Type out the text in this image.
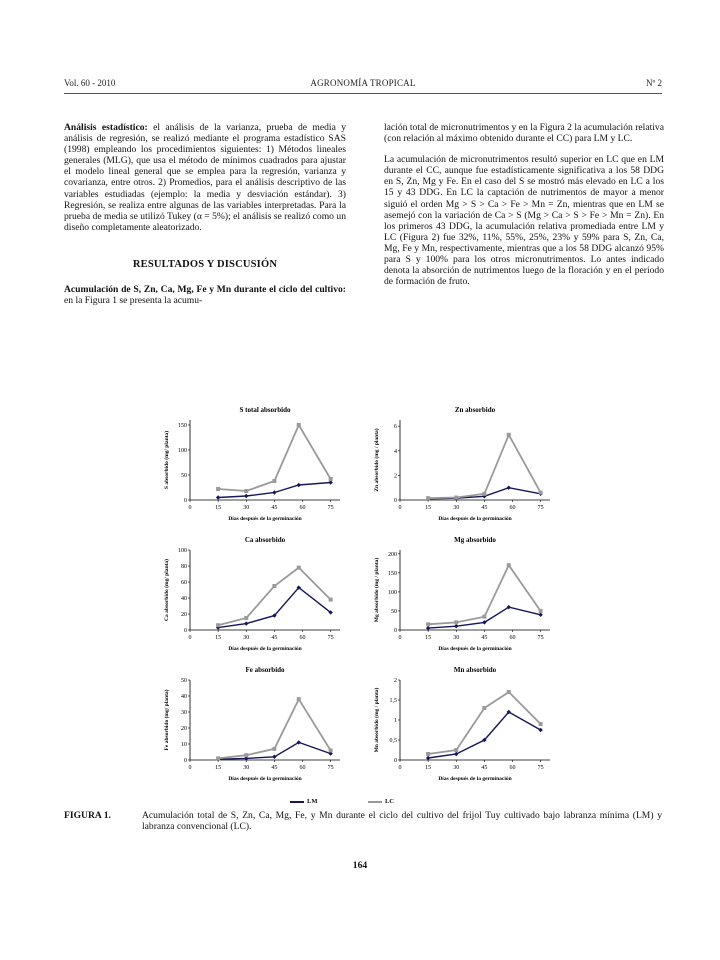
Vol. 60 - 2010	AGRONOMÍA TROPICAL	Nº 2

Análisis estadístico: el análisis de la varianza, prueba de media y análisis de regresión, se realizó mediante el programa estadístico SAS (1998) empleando los procedimientos siguientes: 1) Métodos lineales generales (MLG), que usa el método de mínimos cuadrados para ajustar el modelo lineal general que se emplea para la regresión, varianza y covarianza, entre otros. 2) Promedios, para el análisis descriptivo de las variables estudiadas (ejemplo: la media y desviación estándar). 3) Regresión, se realiza entre algunas de las variables interpretadas. Para la prueba de media se utilizó Tukey (α = 5%); el análisis se realizó como un diseño completamente aleatorizado.

RESULTADOS Y DISCUSIÓN

Acumulación de S, Zn, Ca, Mg, Fe y Mn durante el ciclo del cultivo: en la Figura 1 se presenta la acumu-

lación total de micronutrimentos y en la Figura 2 la acumulación relativa (con relación al máximo obtenido durante el CC) para LM y LC.

La acumulación de micronutrimentos resultó superior en LC que en LM durante el CC, aunque fue estadísticamente significativa a los 58 DDG en S, Zn, Mg y Fe. En el caso del S se mostró más elevado en LC a los 15 y 43 DDG. En LC la captación de nutrimentos de mayor a menor siguió el orden Mg > S > Ca > Fe > Mn = Zn, mientras que en LM se asemejó con la variación de Ca > S (Mg > Ca > S > Fe > Mn = Zn). En los primeros 43 DDG, la acumulación relativa promediada entre LM y LC (Figura 2) fue 32%, 11%, 55%, 25%, 23% y 59% para S, Zn, Ca, Mg, Fe y Mn, respectivamente, mientras que a los 58 DDG alcanzó 95% para S y 100% para los otros micronutrimentos. Lo antes indicado denota la absorción de nutrimentos luego de la floración y en el período de formación de fruto.

S total absorbido
0
50
100
150
0	15	30	45	60	75
Días después de la germinación
S absorbido (mg/ planta)
Zn absorbido
0
2
4
6
0	15	30	45	60	75
Días después de la germinación
Zn absorbido (mg / planta)
Ca absorbido
0
20
40
60
80
100
0	15	30	45	60	75
Días después de la germinación
Ca absorbido (mg/ planta)
Mg absorbido
0
50
100
150
200
0	15	30	45	60	75
Días después de la germinación
Mg absorbido (mg / planta)
Fe absorbido
0
10
20
30
40
50
0	15	30	45	60	75
Días después de la germinación
Fe absorbido (mg/ planta)
Mn absorbido
0
0,5
1
1,5
2
0	15	30	45	60	75
Días después de la germinación
Mn absorbido (mg / planta)
LM	LC
FIGURA 1.	Acumulación total de S, Zn, Ca, Mg, Fe, y Mn durante el ciclo del cultivo del frijol Tuy cultivado bajo labranza mínima (LM) y labranza convencional (LC).
164
